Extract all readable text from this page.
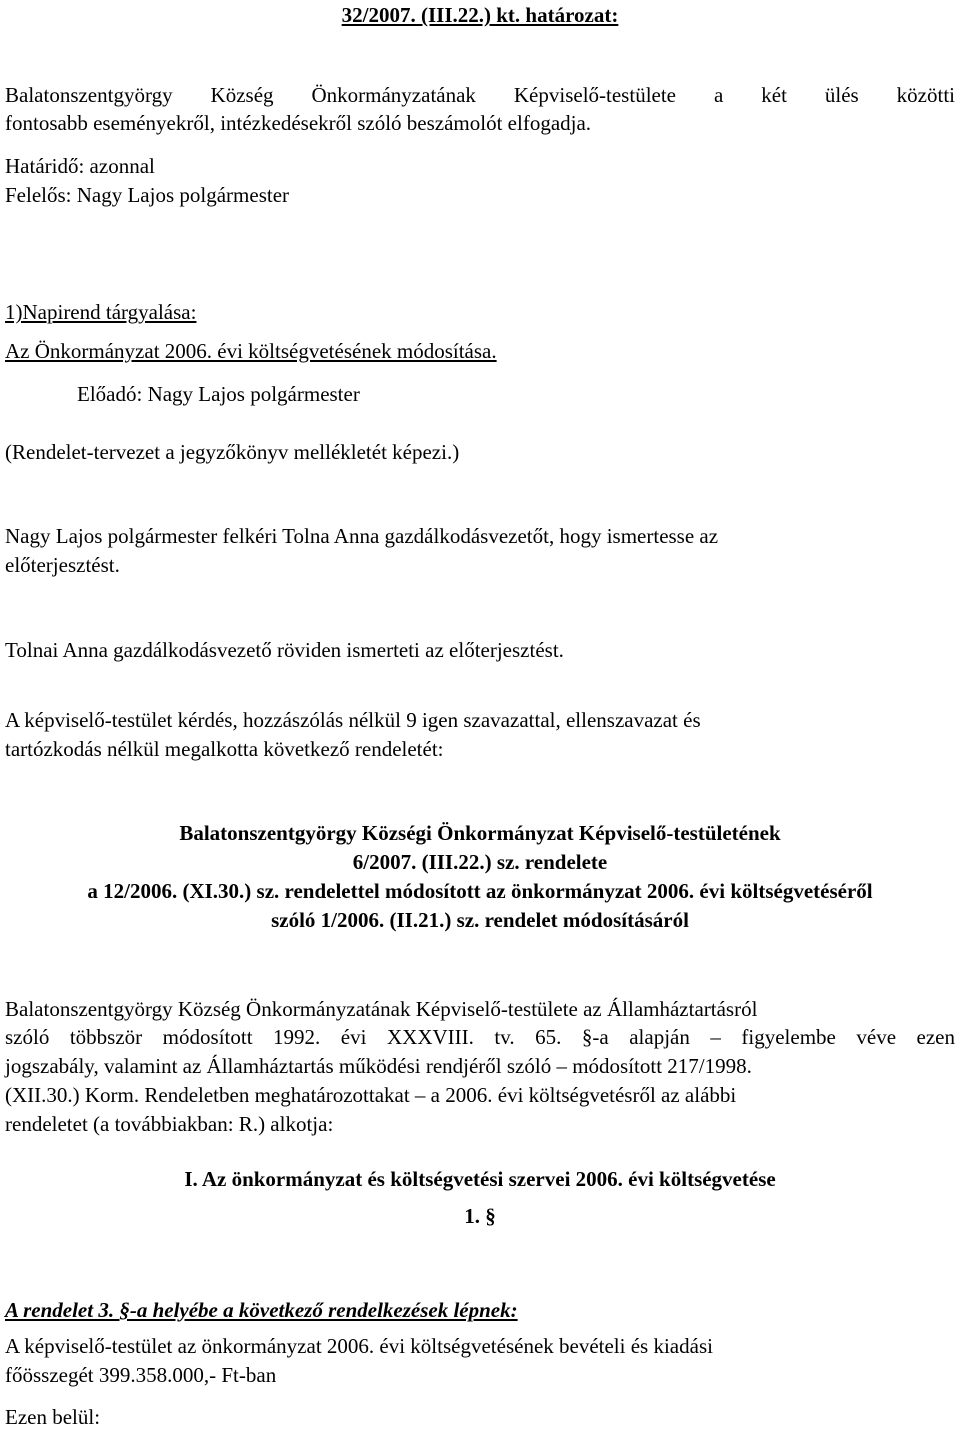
32/2007. (III.22.) kt. határozat:
Balatonszentgyörgy Község Önkormányzatának Képviselő-testülete a két ülés közötti
fontosabb eseményekről, intézkedésekről szóló beszámolót elfogadja.
Határidő: azonnal
Felelős: Nagy Lajos polgármester
1)Napirend tárgyalása:
Az Önkormányzat 2006. évi költségvetésének módosítása.
Előadó: Nagy Lajos polgármester
(Rendelet-tervezet a jegyzőkönyv mellékletét képezi.)
Nagy Lajos polgármester felkéri Tolna Anna gazdálkodásvezetőt, hogy ismertesse az
előterjesztést.
Tolnai Anna gazdálkodásvezető röviden ismerteti az előterjesztést.
A képviselő-testület kérdés, hozzászólás nélkül 9 igen szavazattal, ellenszavazat és
tartózkodás nélkül megalkotta következő rendeletét:
Balatonszentgyörgy Községi Önkormányzat Képviselő-testületének
6/2007. (III.22.) sz. rendelete
a 12/2006. (XI.30.) sz. rendelettel módosított az önkormányzat 2006. évi költségvetéséről
szóló 1/2006. (II.21.) sz. rendelet módosításáról
Balatonszentgyörgy Község Önkormányzatának Képviselő-testülete az Államháztartásról
szóló többször módosított 1992. évi XXXVIII. tv. 65. §-a alapján – figyelembe véve ezen
jogszabály, valamint az Államháztartás működési rendjéről szóló – módosított 217/1998.
(XII.30.) Korm. Rendeletben meghatározottakat – a 2006. évi költségvetésről az alábbi
rendeletet (a továbbiakban: R.) alkotja:
I. Az önkormányzat és költségvetési szervei 2006. évi költségvetése
1. §
A rendelet 3. §-a helyébe a következő rendelkezések lépnek:
A képviselő-testület az önkormányzat 2006. évi költségvetésének bevételi és kiadási
főösszegét 399.358.000,- Ft-ban
Ezen belül:
